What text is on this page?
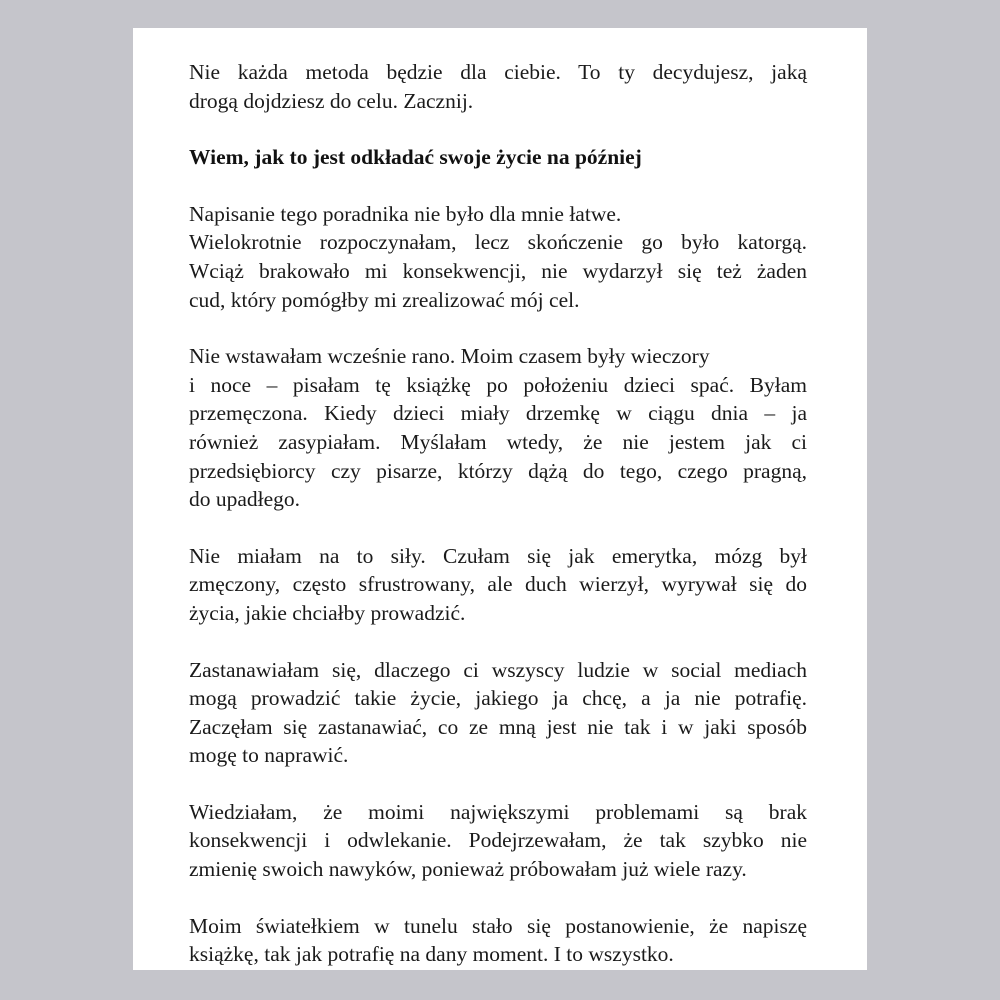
Nie każda metoda będzie dla ciebie. To ty decydujesz, jaką
drogą dojdziesz do celu. Zacznij.
Wiem, jak to jest odkładać swoje życie na później
Napisanie tego poradnika nie było dla mnie łatwe.
Wielokrotnie rozpoczynałam, lecz skończenie go było katorgą.
Wciąż brakowało mi konsekwencji, nie wydarzył się też żaden
cud, który pomógłby mi zrealizować mój cel.
Nie wstawałam wcześnie rano. Moim czasem były wieczory
i noce – pisałam tę książkę po położeniu dzieci spać. Byłam
przemęczona. Kiedy dzieci miały drzemkę w ciągu dnia – ja
również zasypiałam. Myślałam wtedy, że nie jestem jak ci
przedsiębiorcy czy pisarze, którzy dążą do tego, czego pragną,
do upadłego.
Nie miałam na to siły. Czułam się jak emerytka, mózg był
zmęczony, często sfrustrowany, ale duch wierzył, wyrywał się do
życia, jakie chciałby prowadzić.
Zastanawiałam się, dlaczego ci wszyscy ludzie w social mediach
mogą prowadzić takie życie, jakiego ja chcę, a ja nie potrafię.
Zaczęłam się zastanawiać, co ze mną jest nie tak i w jaki sposób
mogę to naprawić.
Wiedziałam, że moimi największymi problemami są brak
konsekwencji i odwlekanie. Podejrzewałam, że tak szybko nie
zmienię swoich nawyków, ponieważ próbowałam już wiele razy.
Moim światełkiem w tunelu stało się postanowienie, że napiszę
książkę, tak jak potrafię na dany moment. I to wszystko.
